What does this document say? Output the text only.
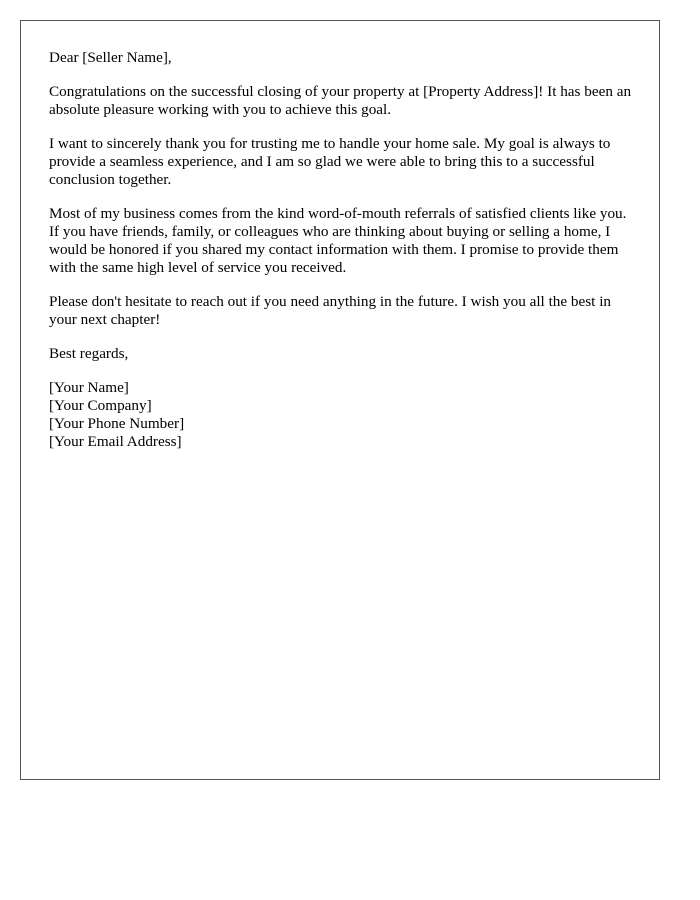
Dear [Seller Name],

Congratulations on the successful closing of your property at [Property Address]! It has been an absolute pleasure working with you to achieve this goal.

I want to sincerely thank you for trusting me to handle your home sale. My goal is always to provide a seamless experience, and I am so glad we were able to bring this to a successful conclusion together.

Most of my business comes from the kind word-of-mouth referrals of satisfied clients like you. If you have friends, family, or colleagues who are thinking about buying or selling a home, I would be honored if you shared my contact information with them. I promise to provide them with the same high level of service you received.

Please don't hesitate to reach out if you need anything in the future. I wish you all the best in your next chapter!

Best regards,

[Your Name]
[Your Company]
[Your Phone Number]
[Your Email Address]
